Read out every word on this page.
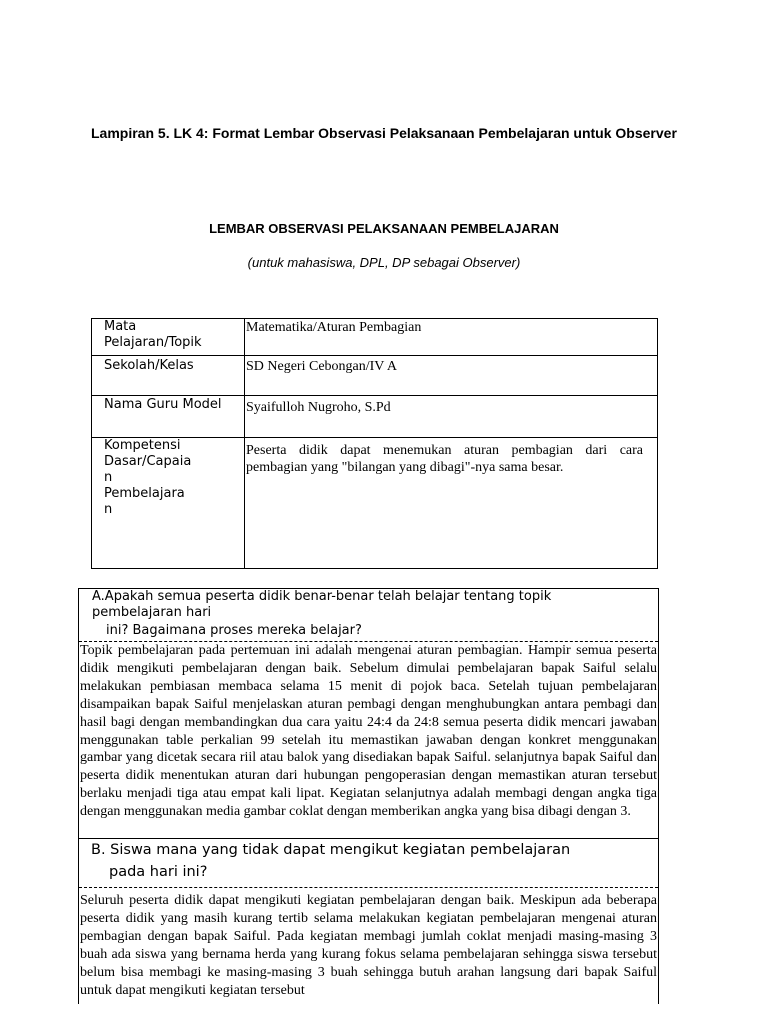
Lampiran 5. LK 4: Format Lembar Observasi Pelaksanaan Pembelajaran untuk Observer
LEMBAR OBSERVASI PELAKSANAAN PEMBELAJARAN
(untuk mahasiswa, DPL, DP sebagai Observer)
Mata
Pelajaran/Topik	Matematika/Aturan Pembagian
Sekolah/Kelas	SD Negeri Cebongan/IV A
Nama Guru Model	Syaifulloh Nugroho, S.Pd

Kompetensi
Dasar/Capaia
n
Pembelajara
n	Peserta didik dapat menemukan aturan pembagian dari cara pembagian yang "bilangan yang dibagi"-nya sama besar.
A.Apakah semua peserta didik benar-benar telah belajar tentang topik
pembelajaran hari
ini? Bagaimana proses mereka belajar?
Topik pembelajaran pada pertemuan ini adalah mengenai aturan pembagian. Hampir semua peserta didik mengikuti pembelajaran dengan baik. Sebelum dimulai pembelajaran bapak Saiful selalu melakukan pembiasan membaca selama 15 menit di pojok baca. Setelah tujuan pembelajaran disampaikan bapak Saiful menjelaskan aturan pembagi dengan menghubungkan antara pembagi dan hasil bagi dengan membandingkan dua cara yaitu 24:4 da 24:8 semua peserta didik mencari jawaban menggunakan table perkalian 99 setelah itu memastikan jawaban dengan konkret menggunakan gambar yang dicetak secara riil atau balok yang disediakan bapak Saiful. selanjutnya bapak Saiful dan peserta didik menentukan aturan dari hubungan pengoperasian dengan memastikan aturan tersebut berlaku menjadi tiga atau empat kali lipat. Kegiatan selanjutnya adalah membagi dengan angka tiga dengan menggunakan media gambar coklat dengan memberikan angka yang bisa dibagi dengan 3.
B. Siswa mana yang tidak dapat mengikut kegiatan pembelajaran
pada hari ini?
Seluruh peserta didik dapat mengikuti kegiatan pembelajaran dengan baik. Meskipun ada beberapa peserta didik yang masih kurang tertib selama melakukan kegiatan pembelajaran mengenai aturan pembagian dengan bapak Saiful. Pada kegiatan membagi jumlah coklat menjadi masing-masing 3 buah ada siswa yang bernama herda yang kurang fokus selama pembelajaran sehingga siswa tersebut belum bisa membagi ke masing-masing 3 buah sehingga butuh arahan langsung dari bapak Saiful untuk dapat mengikuti kegiatan tersebut
